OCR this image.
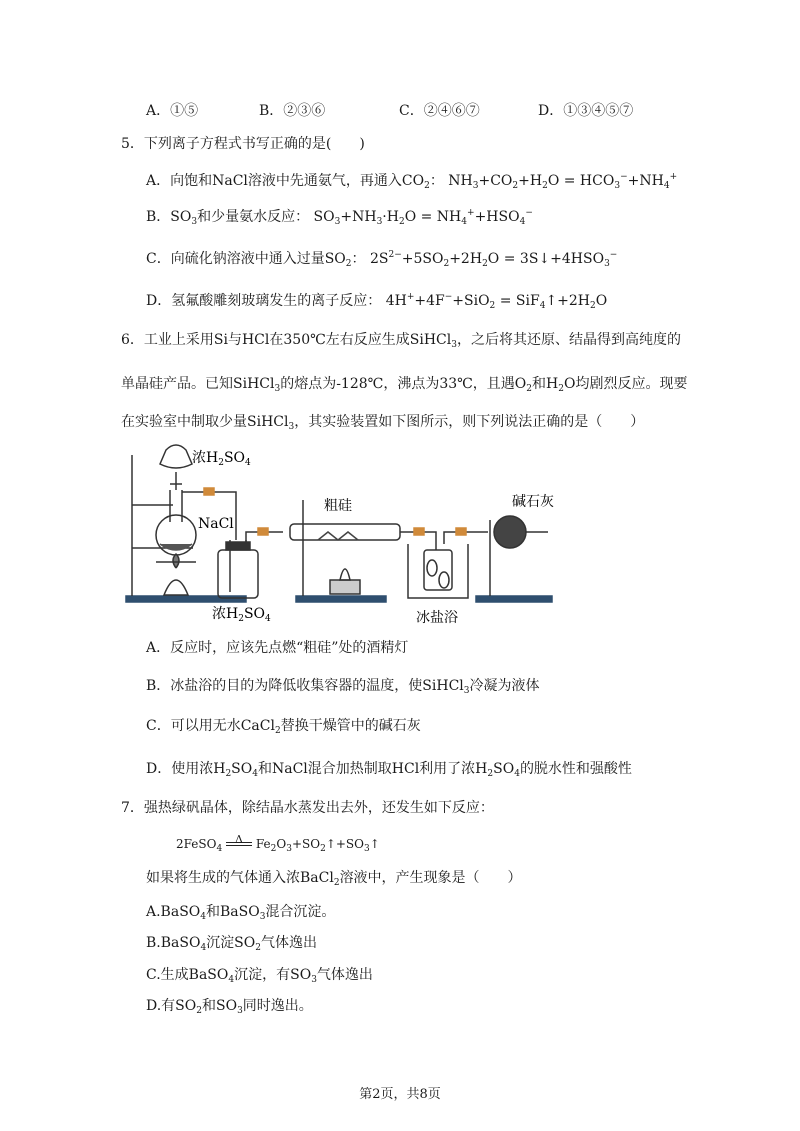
A．①⑤	B．②③⑥	C．②④⑥⑦	D．①③④⑤⑦
5．下列离子方程式书写正确的是(　　)
A．向饱和NaCl溶液中先通氨气，再通入$CO_2$： $NH_3+CO_2+H_2O = HCO_3^-+NH_4^+$
B．$SO_3$和少量氨水反应： $SO_3+NH_3\cdot H_2O = NH_4^++HSO_4^-$
C．向硫化钠溶液中通入过量$SO_2$： $2S^{2-}+5SO_2+2H_2O$ = $3S↓+4HSO_3^-$
D．氢氟酸雕刻玻璃发生的离子反应： $4H^++4F^-+SiO_2 = SiF_4↑+2H_2O$
6．工业上采用Si与HCl在350℃左右反应生成SiHCl$_3$，之后将其还原、结晶得到高纯度的
单晶硅产品。已知SiHCl$_3$的熔点为-128℃，沸点为33℃，且遇$O_2$和$H_2O$均剧烈反应。现要
在实验室中制取少量SiHCl$_3$，其实验装置如下图所示，则下列说法正确的是（　　）
浓$H_2SO_4$
NaCl
浓$H_2SO_4$
粗硅
冰盐浴
碱石灰
A．反应时，应该先点燃“粗硅”处的酒精灯
B．冰盐浴的目的为降低收集容器的温度，使SiHCl$_3$冷凝为液体
C．可以用无水CaCl$_2$替换干燥管中的碱石灰
D．使用浓$H_2SO_4$和NaCl混合加热制取HCl利用了浓$H_2SO_4$的脱水性和强酸性
7．强热绿矾晶体，除结晶水蒸发出去外，还发生如下反应：
2FeSO$_4$
Δ	$Fe_2O_3+SO_2↑+SO_3↑$
如果将生成的气体通入浓BaCl$_2$溶液中，产生现象是（　　）
A.BaSO$_4$和BaSO$_3$混合沉淀。
B.BaSO$_4$沉淀$SO_2$气体逸出
C.生成BaSO$_4$沉淀，有$SO_3$气体逸出
D.有$SO_2$和$SO_3$同时逸出。
第2页，共8页
